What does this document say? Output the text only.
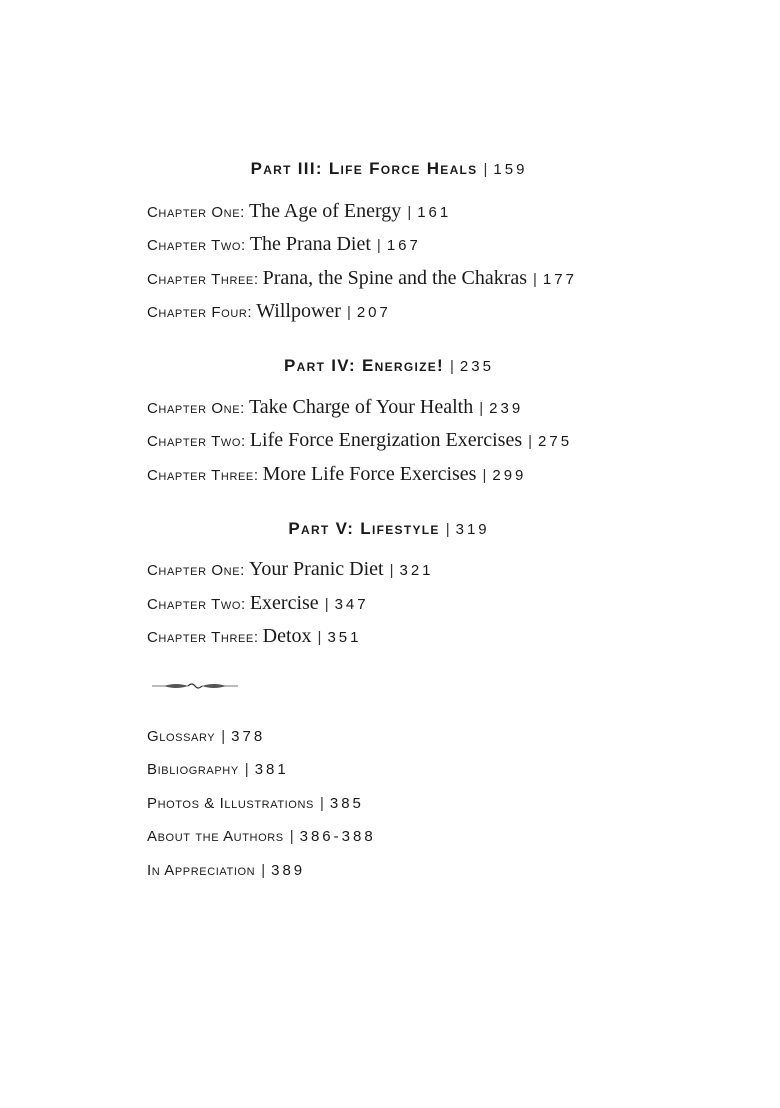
Part III: Life Force Heals | 159
Chapter One: The Age of Energy | 161
Chapter Two: The Prana Diet | 167
Chapter Three: Prana, the Spine and the Chakras | 177
Chapter Four: Willpower | 207
Part IV: Energize! | 235
Chapter One: Take Charge of Your Health | 239
Chapter Two: Life Force Energization Exercises | 275
Chapter Three: More Life Force Exercises | 299
Part V: Lifestyle | 319
Chapter One: Your Pranic Diet | 321
Chapter Two: Exercise | 347
Chapter Three: Detox | 351
Glossary | 378
Bibliography | 381
Photos & Illustrations | 385
About the Authors | 386-388
In Appreciation | 389
